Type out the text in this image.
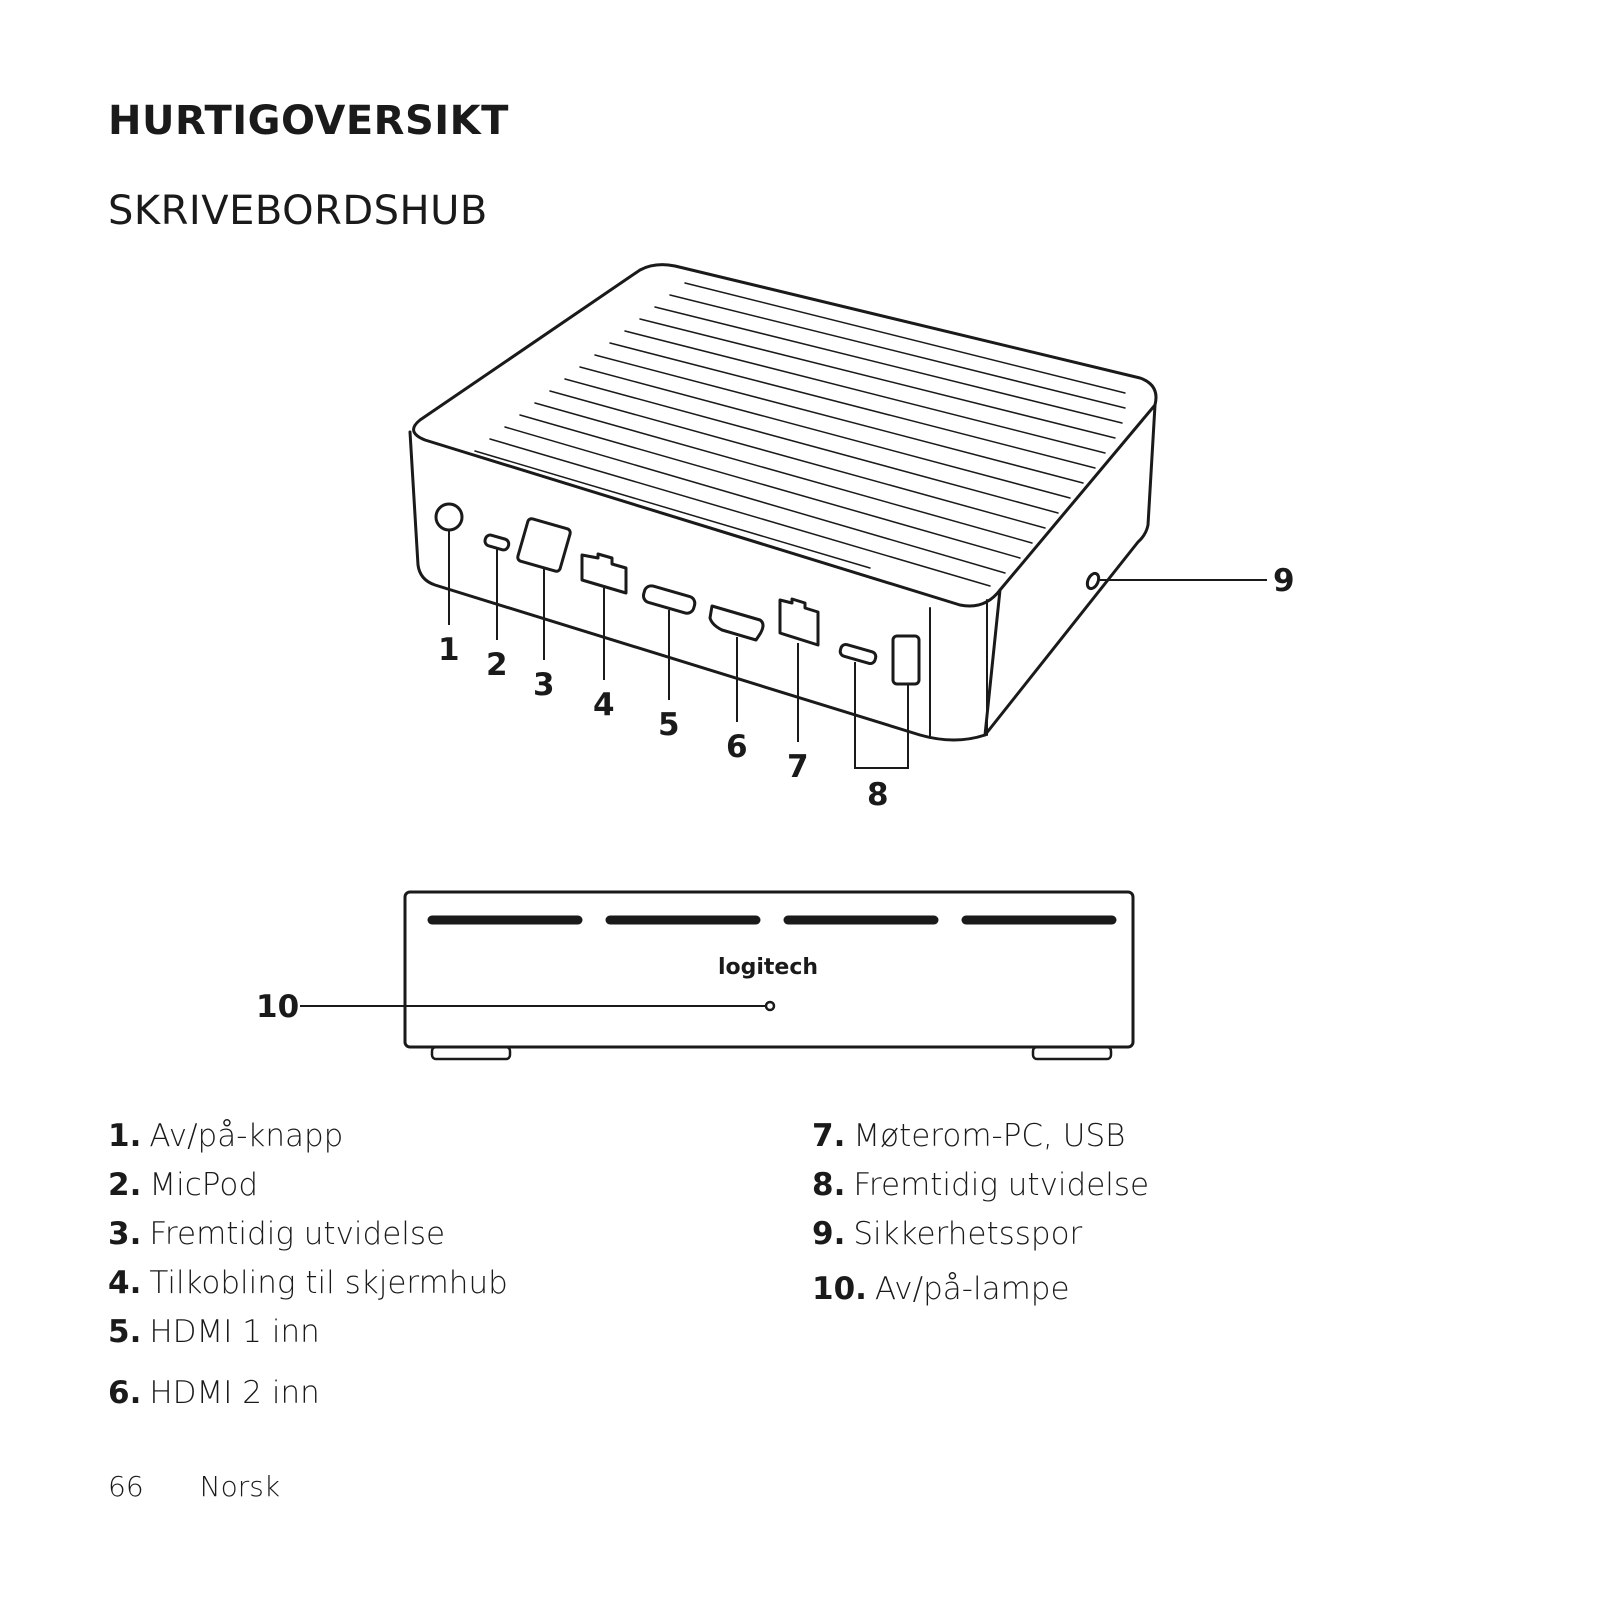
HURTIGOVERSIKT
SKRIVEBORDSHUB
1 2
3
4
5
6
7
8
9
10
logitech
1. Av/på-knapp
2. MicPod
3. Fremtidig utvidelse
4. Tilkobling til skjermhub
5. HDMI 1 inn
6. HDMI 2 inn
7. Møterom-PC, USB
8. Fremtidig utvidelse
9. Sikkerhetsspor
10. Av/på-lampe
66 Norsk
